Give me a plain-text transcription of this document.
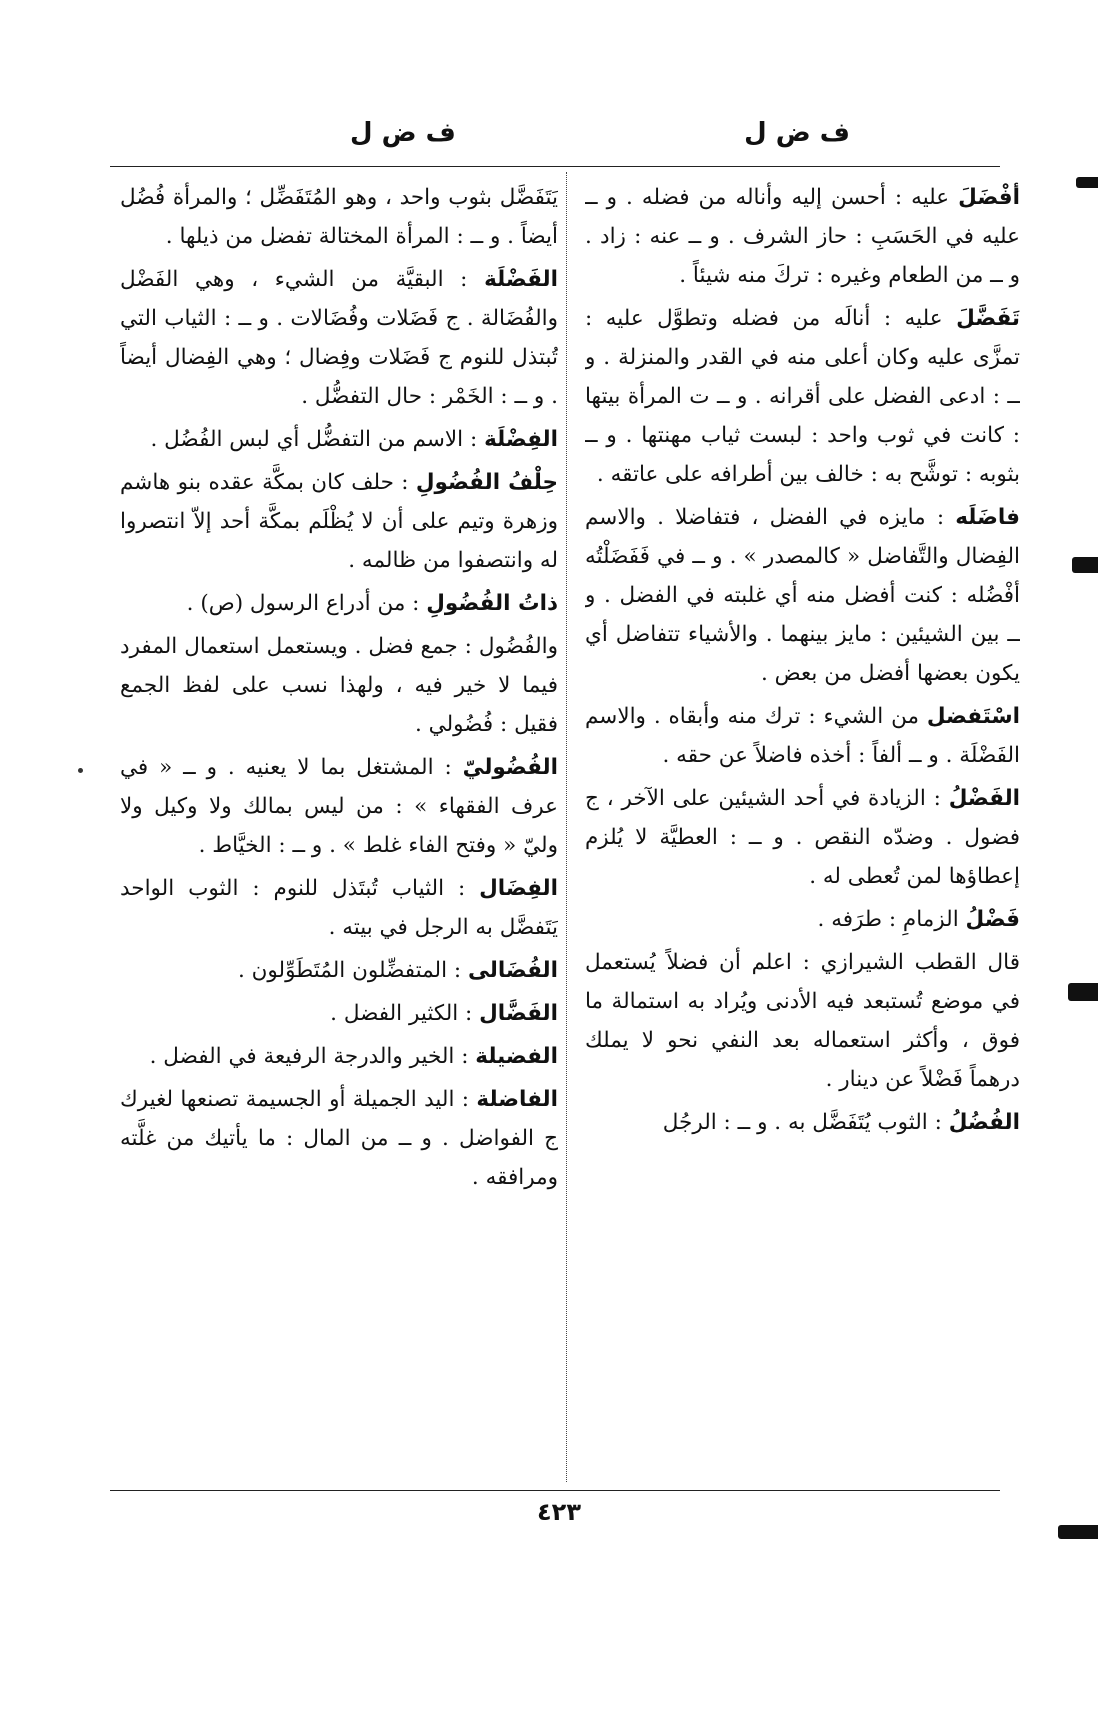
ف ض ل
ف ض ل

أفْضَلَ عليه : أحسن إليه وأناله من فضله . و ــ عليه في الحَسَبِ : حاز الشرف . و ــ عنه : زاد . و ــ من الطعام وغيره : تركَ منه شيئاً .

تَفَضَّلَ عليه : أنالَه من فضله وتطوَّل عليه : تمزَّى عليه وكان أعلى منه في القدر والمنزلة . و ــ : ادعى الفضل على أقرانه . و ــ ت المرأة بيتها : كانت في ثوب واحد : لبست ثياب مهنتها . و ــ بثوبه : توشَّح به : خالف بين أطرافه على عاتقه .

فاضَلَه : مايزه في الفضل ، فتفاضلا . والاسم الفِضال والتَّفاضل « كالمصدر » . و ــ في فَفَضَلْتُه أفْضُله : كنت أفضل منه أي غلبته في الفضل . و ــ بين الشيئين : مايز بينهما . والأشياء تتفاضل أي يكون بعضها أفضل من بعض .

اسْتَفضل من الشيء : ترك منه وأبقاه . والاسم الفَضْلَة . و ــ ألفاً : أخذه فاضلاً عن حقه .

الفَضْلُ : الزيادة في أحد الشيئين على الآخر ، ج فضول . وضدّه النقص . و ــ : العطيَّة لا يُلزم إعطاؤها لمن تُعطى له .

فَضْلُ الزمامِ : طرَفه .

قال القطب الشيرازي : اعلم أن فضلاً يُستعمل في موضع تُستبعد فيه الأدنى ويُراد به استمالة ما فوق ، وأكثر استعماله بعد النفي نحو لا يملك درهماً فَضْلاً عن دينار .

الفُضُلُ : الثوب يُتَفَضَّل به . و ــ : الرجُل

يَتَفَضَّل بثوب واحد ، وهو المُتَفَضِّل ؛ والمرأة فُضُل أيضاً . و ــ : المرأة المختالة تفضل من ذيلها .

الفَضْلَة : البقيَّة من الشيء ، وهي الفَضْل والفُضَالة . ج فَضَلات وفُضَالات . و ــ : الثياب التي تُبتذل للنوم ج فَضَلات وفِضال ؛ وهي الفِضال أيضاً . و ــ : الخَمْر : حال التفضُّل .

الفِضْلَة : الاسم من التفضُّل أي لبس الفُضُل .

حِلْفُ الفُضُولِ : حلف كان بمكَّة عقده بنو هاشم وزهرة وتيم على أن لا يُظْلَم بمكَّة أحد إلاّ انتصروا له وانتصفوا من ظالمه .

ذاتُ الفُضُولِ : من أدراع الرسول (ص) .

والفُضُول : جمع فضل . ويستعمل استعمال المفرد فيما لا خير فيه ، ولهذا نسب على لفظ الجمع فقيل : فُضُولي .

الفُضُوليّ : المشتغل بما لا يعنيه . و ــ « في عرف الفقهاء » : من ليس بمالك ولا وكيل ولا وليّ « وفتح الفاء غلط » . و ــ : الخيَّاط .

الفِضَال : الثياب تُبتَذل للنوم : الثوب الواحد يَتَفضَّل به الرجل في بيته .

الفُضَالى : المتفضِّلون المُتَطَوِّلون .

الفَضَّال : الكثير الفضل .

الفضيلة : الخير والدرجة الرفيعة في الفضل .

الفاضلة : اليد الجميلة أو الجسيمة تصنعها لغيرك ج الفواضل . و ــ من المال : ما يأتيك من غلَّته ومرافقه .

٤٢٣
